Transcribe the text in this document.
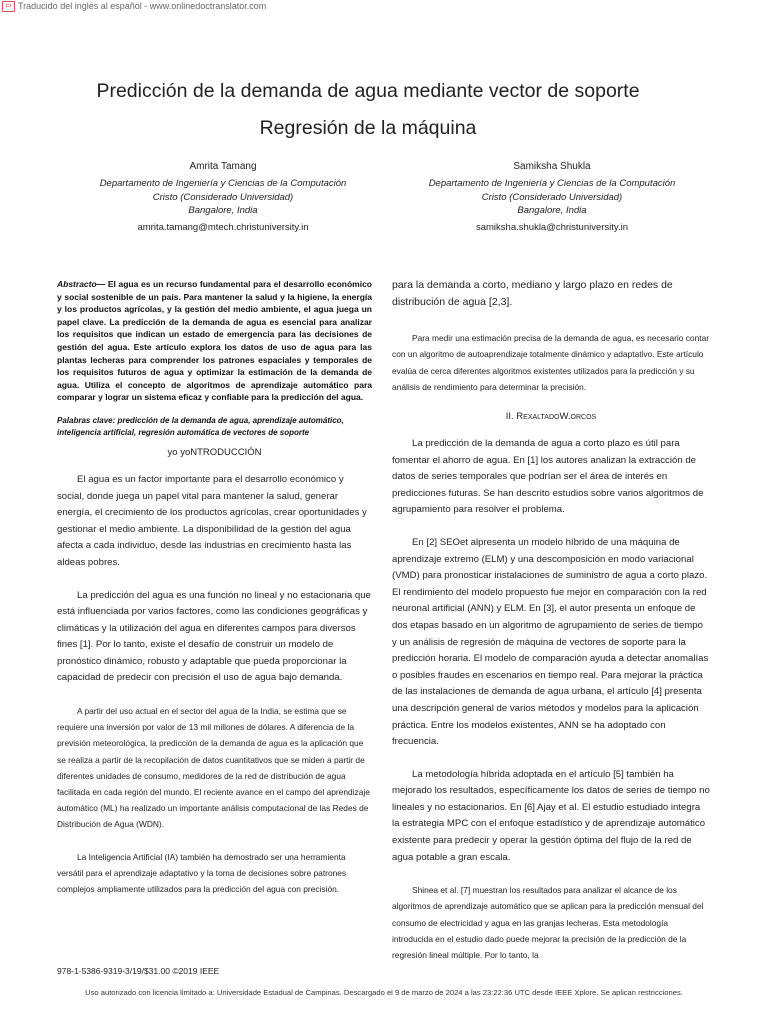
▭ Traducido del inglés al español - www.onlinedoctranslator.com
Predicción de la demanda de agua mediante vector de soporte
Regresión de la máquina
Amrita Tamang
Departamento de Ingeniería y Ciencias de la Computación
Cristo (Considerado Universidad)
Bangalore, India
amrita.tamang@mtech.christuniversity.in
Samiksha Shukla
Departamento de Ingeniería y Ciencias de la Computación
Cristo (Considerado Universidad)
Bangalore, India
samiksha.shukla@christuniversity.in
Abstracto— El agua es un recurso fundamental para el desarrollo económico y social sostenible de un país. Para mantener la salud y la higiene, la energía y los productos agrícolas, y la gestión del medio ambiente, el agua juega un papel clave. La predicción de la demanda de agua es esencial para analizar los requisitos que indican un estado de emergencia para las decisiones de gestión del agua. Este artículo explora los datos de uso de agua para las plantas lecheras para comprender los patrones espaciales y temporales de los requisitos futuros de agua y optimizar la estimación de la demanda de agua. Utiliza el concepto de algoritmos de aprendizaje automático para comparar y lograr un sistema eficaz y confiable para la predicción del agua.
Palabras clave: predicción de la demanda de agua, aprendizaje automático, inteligencia artificial, regresión automática de vectores de soporte
yo yoNTRODUCCIÓN

El agua es un factor importante para el desarrollo económico y social, donde juega un papel vital para mantener la salud, generar energía, el crecimiento de los productos agrícolas, crear oportunidades y gestionar el medio ambiente. La disponibilidad de la gestión del agua afecta a cada individuo, desde las industrias en crecimiento hasta las aldeas pobres.

La predicción del agua es una función no lineal y no estacionaria que está influenciada por varios factores, como las condiciones geográficas y climáticas y la utilización del agua en diferentes campos para diversos fines [1]. Por lo tanto, existe el desafío de construir un modelo de pronóstico dinámico, robusto y adaptable que pueda proporcionar la capacidad de predecir con precisión el uso de agua bajo demanda.

A partir del uso actual en el sector del agua de la India, se estima que se requiere una inversión por valor de 13 mil millones de dólares. A diferencia de la previsión meteorológica, la predicción de la demanda de agua es la aplicación que se realiza a partir de la recopilación de datos cuantitativos que se miden a partir de diferentes unidades de consumo, medidores de la red de distribución de agua facilitada en cada región del mundo. El reciente avance en el campo del aprendizaje automático (ML) ha realizado un importante análisis computacional de las Redes de Distribución de Agua (WDN).

La Inteligencia Artificial (IA) también ha demostrado ser una herramienta versátil para el aprendizaje adaptativo y la toma de decisiones sobre patrones complejos ampliamente utilizados para la predicción del agua con precisión.

para la demanda a corto, mediano y largo plazo en redes de distribución de agua [2,3].

Para medir una estimación precisa de la demanda de agua, es necesario contar con un algoritmo de autoaprendizaje totalmente dinámico y adaptativo. Este artículo evalúa de cerca diferentes algoritmos existentes utilizados para la predicción y su análisis de rendimiento para determinar la precisión.

II. RexaltadoW.orcos

La predicción de la demanda de agua a corto plazo es útil para fomentar el ahorro de agua. En [1] los autores analizan la extracción de datos de series temporales que podrían ser el área de interés en predicciones futuras. Se han descrito estudios sobre varios algoritmos de agrupamiento para resolver el problema.

En [2] SEOet alpresenta un modelo híbrido de una máquina de aprendizaje extremo (ELM) y una descomposición en modo variacional (VMD) para pronosticar instalaciones de suministro de agua a corto plazo. El rendimiento del modelo propuesto fue mejor en comparación con la red neuronal artificial (ANN) y ELM. En [3], el autor presenta un enfoque de dos etapas basado en un algoritmo de agrupamiento de series de tiempo y un análisis de regresión de máquina de vectores de soporte para la predicción horaria. El modelo de comparación ayuda a detectar anomalías o posibles fraudes en escenarios en tiempo real. Para mejorar la práctica de las instalaciones de demanda de agua urbana, el artículo [4] presenta una descripción general de varios métodos y modelos para la aplicación práctica. Entre los modelos existentes, ANN se ha adoptado con frecuencia.

La metodología híbrida adoptada en el artículo [5] también ha mejorado los resultados, específicamente los datos de series de tiempo no lineales y no estacionarios. En [6] Ajay et al. El estudio estudiado integra la estrategia MPC con el enfoque estadístico y de aprendizaje automático existente para predecir y operar la gestión óptima del flujo de la red de agua potable a gran escala.

Shinea et al. [7] muestran los resultados para analizar el alcance de los algoritmos de aprendizaje automático que se aplican para la predicción mensual del consumo de electricidad y agua en las granjas lecheras. Esta metodología introducida en el estudio dado puede mejorar la precisión de la predicción de la regresión lineal múltiple. Por lo tanto, la

978-1-5386-9319-3/19/$31.00 ©2019 IEEE
Uso autorizado con licencia limitado a: Universidade Estadual de Campinas. Descargado el 9 de marzo de 2024 a las 23:22:36 UTC desde IEEE Xplore. Se aplican restricciones.
